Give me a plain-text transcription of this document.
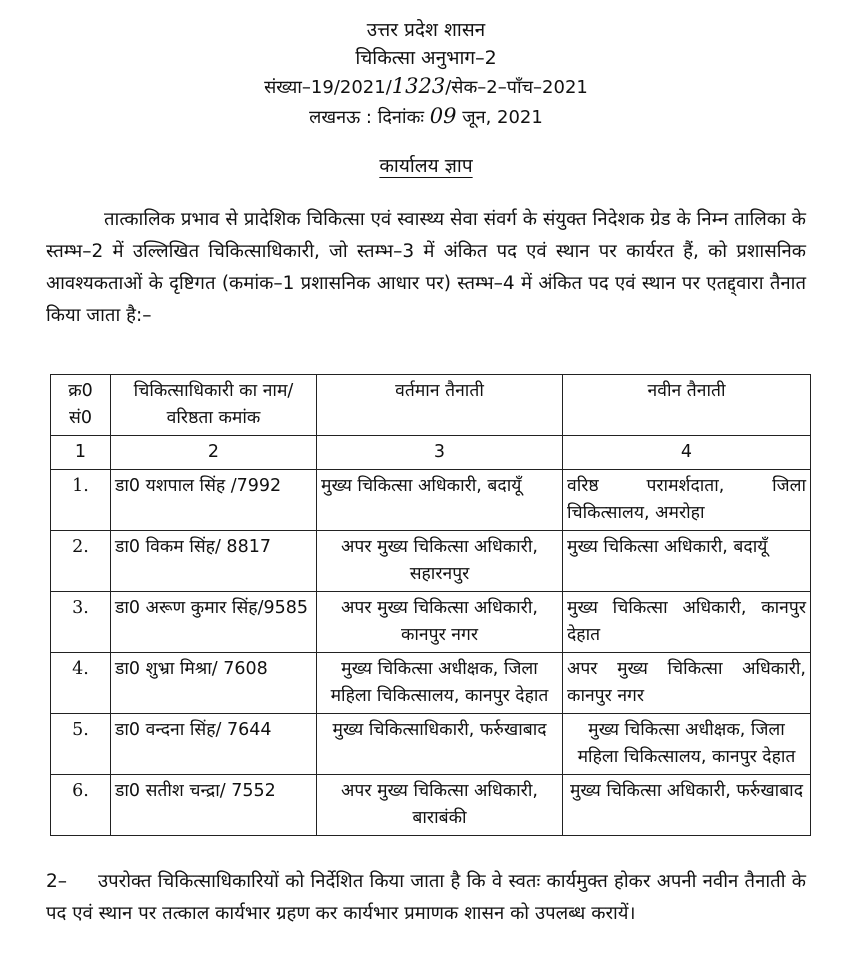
उत्तर प्रदेश शासन
चिकित्सा अनुभाग–2
संख्या–19/2021/1323/सेक–2–पाँच–2021
लखनऊ : दिनांकः 09 जून, 2021
कार्यालय ज्ञाप
तात्कालिक प्रभाव से प्रादेशिक चिकित्सा एवं स्वास्थ्य सेवा संवर्ग के संयुक्त निदेशक ग्रेड के निम्न तालिका के स्तम्भ–2 में उल्लिखित चिकित्साधिकारी, जो स्तम्भ–3 में अंकित पद एवं स्थान पर कार्यरत हैं, को प्रशासनिक आवश्यकताओं के दृष्टिगत (कमांक–1 प्रशासनिक आधार पर) स्तम्भ–4 में अंकित पद एवं स्थान पर एतद्द्वारा तैनात किया जाता है:–
क्र0 सं0	चिकित्साधिकारी का नाम/वरिष्ठता कमांक	वर्तमान तैनाती	नवीन तैनाती
1	2	3	4
1.	डा0 यशपाल सिंह /7992	मुख्य चिकित्सा अधिकारी, बदायूँ	वरिष्ठ परामर्शदाता, जिला चिकित्सालय, अमरोहा
2.	डा0 विकम सिंह/ 8817	अपर मुख्य चिकित्सा अधिकारी, सहारनपुर	मुख्य चिकित्सा अधिकारी, बदायूँ
3.	डा0 अरूण कुमार सिंह/9585	अपर मुख्य चिकित्सा अधिकारी, कानपुर नगर	मुख्य चिकित्सा अधिकारी, कानपुर देहात
4.	डा0 शुभ्रा मिश्रा/ 7608	मुख्य चिकित्सा अधीक्षक, जिला महिला चिकित्सालय, कानपुर देहात	अपर मुख्य चिकित्सा अधिकारी, कानपुर नगर
5.	डा0 वन्दना सिंह/ 7644	मुख्य चिकित्साधिकारी, फर्रुखाबाद	मुख्य चिकित्सा अधीक्षक, जिला महिला चिकित्सालय, कानपुर देहात
6.	डा0 सतीश चन्द्रा/ 7552	अपर मुख्य चिकित्सा अधिकारी, बाराबंकी	मुख्य चिकित्सा अधिकारी, फर्रुखाबाद
2– उपरोक्त चिकित्साधिकारियों को निर्देशित किया जाता है कि वे स्वतः कार्यमुक्त होकर अपनी नवीन तैनाती के पद एवं स्थान पर तत्काल कार्यभार ग्रहण कर कार्यभार प्रमाणक शासन को उपलब्ध करायें।
